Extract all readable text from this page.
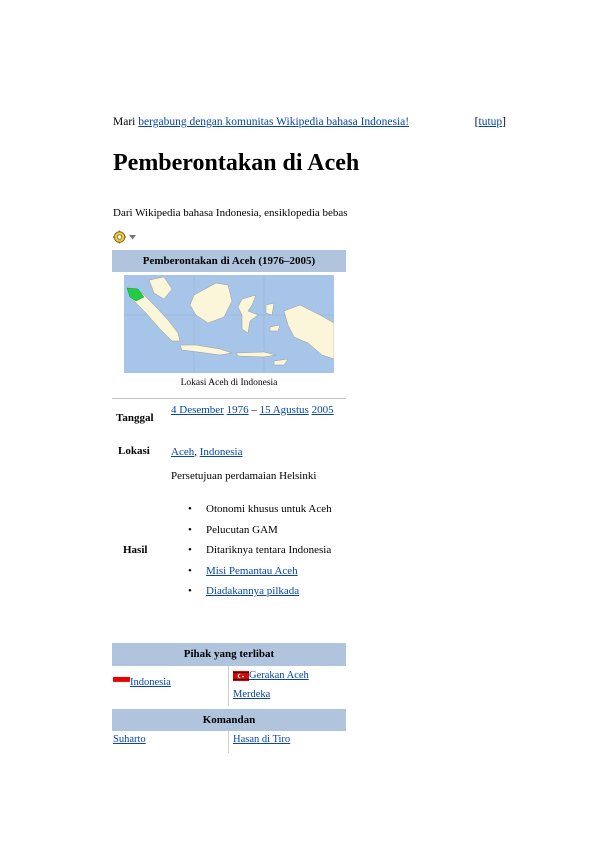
Mari bergabung dengan komunitas Wikipedia bahasa Indonesia!	[tutup]
Pemberontakan di Aceh
Dari Wikipedia bahasa Indonesia, ensiklopedia bebas
Pemberontakan di Aceh (1976–2005)
Lokasi Aceh di Indonesia
Tanggal
4 Desember 1976 – 15 Agustus 2005
Lokasi Aceh, Indonesia
Persetujuan perdamaian Helsinki
Hasil
• Otonomi khusus untuk Aceh
• Pelucutan GAM
• Ditariknya tentara Indonesia
• Misi Pemantau Aceh
• Diadakannya pilkada
Pihak yang terlibat
Indonesia
Gerakan Aceh Merdeka
Komandan
Suharto	Hasan di Tiro
